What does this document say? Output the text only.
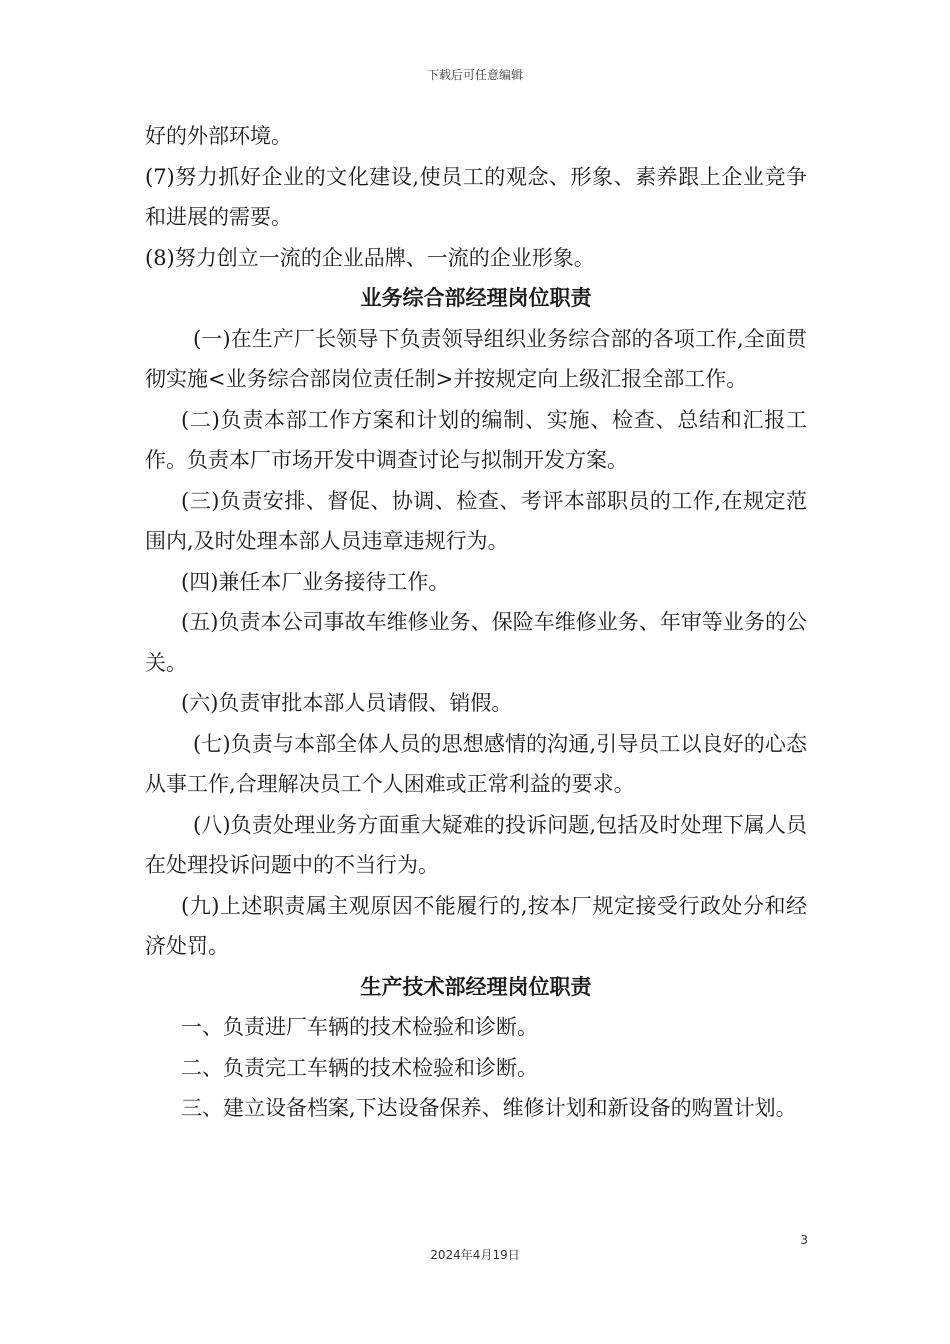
下载后可任意编辑

好的外部环境。

(7)努力抓好企业的文化建设,使员工的观念、形象、素养跟上企业竞争和进展的需要。

(8)努力创立一流的企业品牌、一流的企业形象。

业务综合部经理岗位职责

(一)在生产厂长领导下负责领导组织业务综合部的各项工作,全面贯彻实施<业务综合部岗位责任制>并按规定向上级汇报全部工作。

(二)负责本部工作方案和计划的编制、实施、检查、总结和汇报工作。负责本厂市场开发中调查讨论与拟制开发方案。

(三)负责安排、督促、协调、检查、考评本部职员的工作,在规定范围内,及时处理本部人员违章违规行为。

(四)兼任本厂业务接待工作。

(五)负责本公司事故车维修业务、保险车维修业务、年审等业务的公关。

(六)负责审批本部人员请假、销假。

(七)负责与本部全体人员的思想感情的沟通,引导员工以良好的心态从事工作,合理解决员工个人困难或正常利益的要求。

(八)负责处理业务方面重大疑难的投诉问题,包括及时处理下属人员在处理投诉问题中的不当行为。

(九)上述职责属主观原因不能履行的,按本厂规定接受行政处分和经济处罚。

生产技术部经理岗位职责

一、负责进厂车辆的技术检验和诊断。

二、负责完工车辆的技术检验和诊断。

三、建立设备档案,下达设备保养、维修计划和新设备的购置计划。

3
2024年4月19日
